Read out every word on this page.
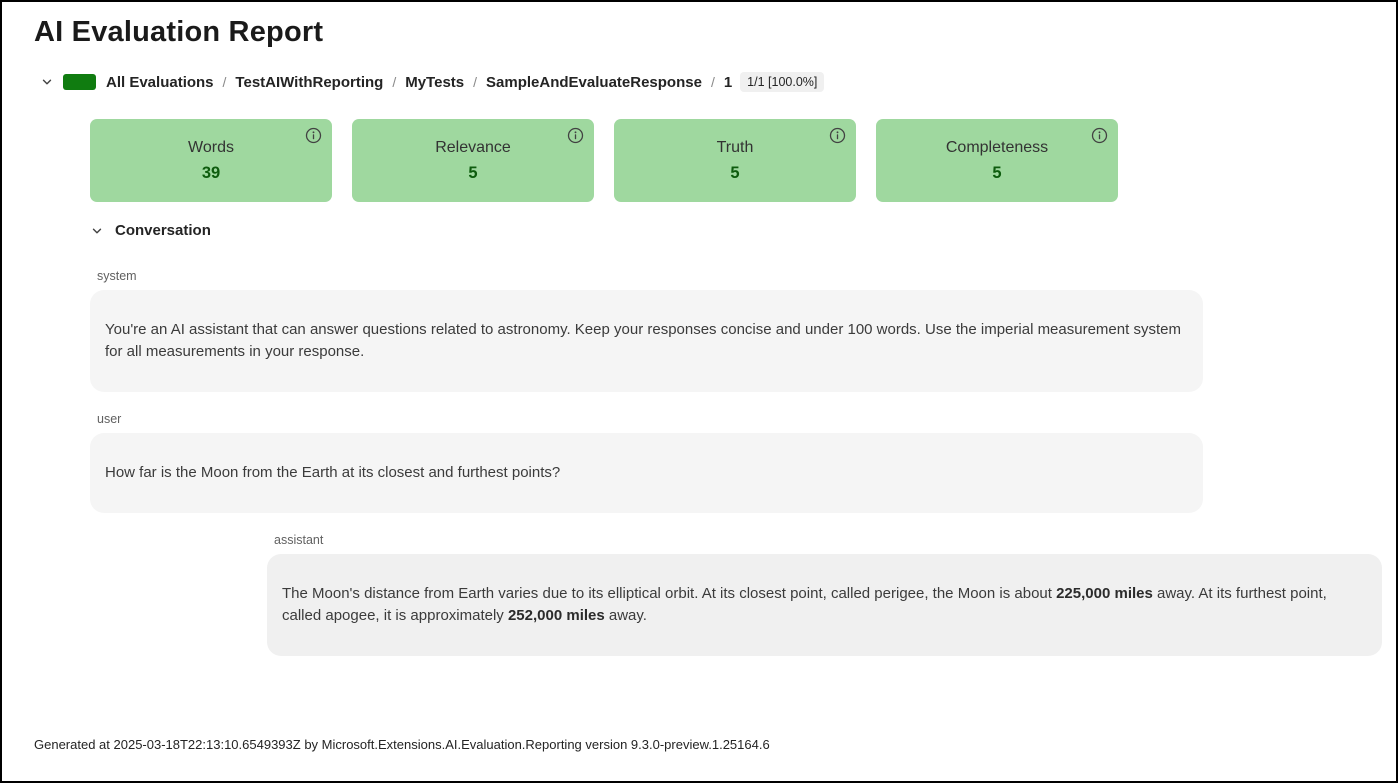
AI Evaluation Report
All Evaluations / TestAIWithReporting / MyTests / SampleAndEvaluateResponse / 1	1/1 [100.0%]
Words
39
Relevance
5
Truth
5
Completeness
5
Conversation
system
You're an AI assistant that can answer questions related to astronomy. Keep your responses concise and under 100 words. Use the imperial measurement system for all measurements in your response.
user
How far is the Moon from the Earth at its closest and furthest points?
assistant
The Moon's distance from Earth varies due to its elliptical orbit. At its closest point, called perigee, the Moon is about 225,000 miles away. At its furthest point, called apogee, it is approximately 252,000 miles away.
Generated at 2025-03-18T22:13:10.6549393Z by Microsoft.Extensions.AI.Evaluation.Reporting version 9.3.0-preview.1.25164.6
